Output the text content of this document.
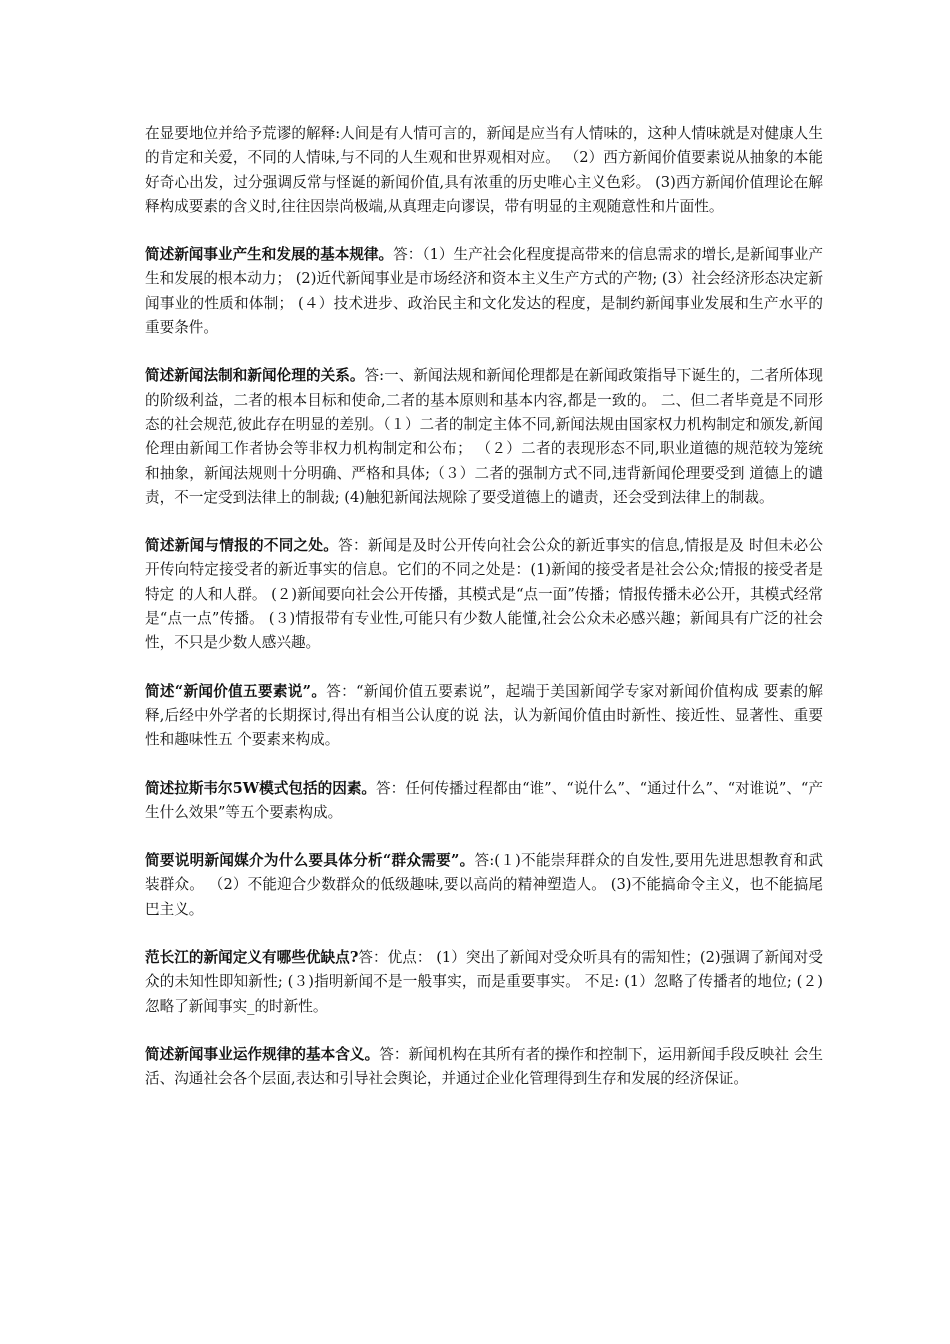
在显要地位并给予荒谬的解释:人间是有人情可言的，新闻是应当有人情味的，这种人情味就是对健康人生的肯定和关爱，不同的人情味,与不同的人生观和世界观相对应。 （2）西方新闻价值要素说从抽象的本能好奇心出发，过分强调反常与怪诞的新闻价值,具有浓重的历史唯心主义色彩。 (3)西方新闻价值理论在解释构成要素的含义时,往往因崇尚极端,从真理走向谬误，带有明显的主观随意性和片面性。

简述新闻事业产生和发展的基本规律。答：（1）生产社会化程度提高带来的信息需求的增长,是新闻事业产生和发展的根本动力； (2)近代新闻事业是市场经济和资本主义生产方式的产物; (3）社会经济形态决定新闻事业的性质和体制； (４）技术进步、政治民主和文化发达的程度，是制约新闻事业发展和生产水平的重要条件。

简述新闻法制和新闻伦理的关系。答:一、新闻法规和新闻伦理都是在新闻政策指导下诞生的，二者所体现的阶级利益，二者的根本目标和使命,二者的基本原则和基本内容,都是一致的。 二、但二者毕竟是不同形态的社会规范,彼此存在明显的差别。（１）二者的制定主体不同,新闻法规由国家权力机构制定和颁发,新闻伦理由新闻工作者协会等非权力机构制定和公布； （２）二者的表现形态不同,职业道德的规范较为笼统和抽象，新闻法规则十分明确、严格和具体;（３）二者的强制方式不同,违背新闻伦理要受到 道德上的谴责，不一定受到法律上的制裁; (4)触犯新闻法规除了要受道德上的谴责，还会受到法律上的制裁。

简述新闻与情报的不同之处。答：新闻是及时公开传向社会公众的新近事实的信息,情报是及 时但未必公开传向特定接受者的新近事实的信息。它们的不同之处是：(1)新闻的接受者是社会公众;情报的接受者是特定 的人和人群。 (２)新闻要向社会公开传播，其模式是“点一面”传播；情报传播未必公开，其模式经常是“点一点”传播。 (３)情报带有专业性,可能只有少数人能懂,社会公众未必感兴趣；新闻具有广泛的社会性，不只是少数人感兴趣。

简述“新闻价值五要素说”。答：“新闻价值五要素说”，起端于美国新闻学专家对新闻价值构成 要素的解释,后经中外学者的长期探讨,得出有相当公认度的说 法，认为新闻价值由时新性、接近性、显著性、重要性和趣味性五 个要素来构成。

简述拉斯韦尔5W模式包括的因素。答：任何传播过程都由“谁”、“说什么”、“通过什么”、“对谁说”、“产生什么效果”等五个要素构成。

简要说明新闻媒介为什么要具体分析“群众需要”。答:(１)不能崇拜群众的自发性,要用先进思想教育和武装群众。 （2）不能迎合少数群众的低级趣味,要以高尚的精神塑造人。 (3)不能搞命令主义，也不能搞尾巴主义。

范长江的新闻定义有哪些优缺点?答：优点： (1）突出了新闻对受众听具有的需知性；(2)强调了新闻对受 众的未知性即知新性; (３)指明新闻不是一般事实，而是重要事实。 不足: (1）忽略了传播者的地位; (２)忽略了新闻事实_的时新性。

简述新闻事业运作规律的基本含义。答：新闻机构在其所有者的操作和控制下，运用新闻手段反映社 会生活、沟通社会各个层面,表达和引导社会舆论，并通过企业化管理得到生存和发展的经济保证。
